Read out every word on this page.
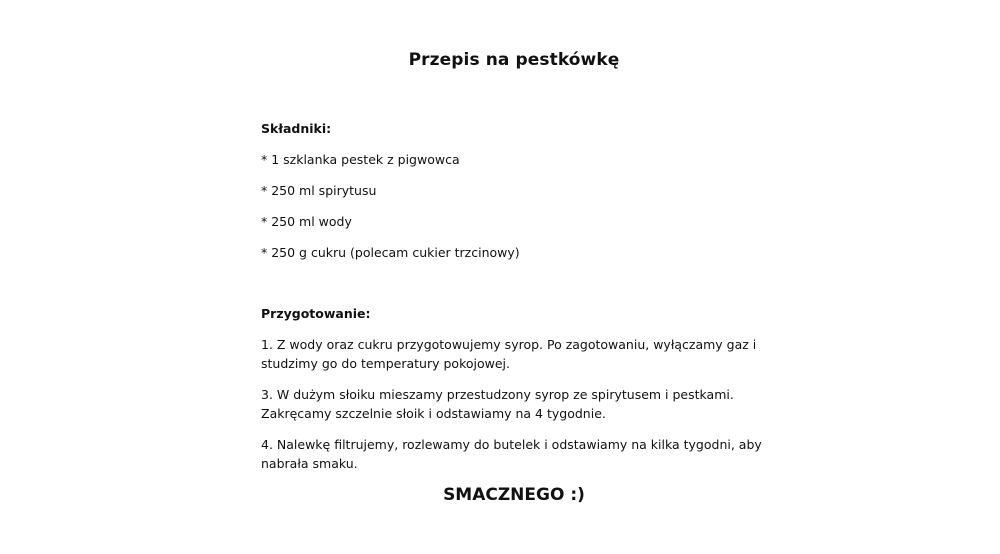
Przepis na pestkówkę

Składniki:

* 1 szklanka pestek z pigwowca
* 250 ml spirytusu
* 250 ml wody
* 250 g cukru (polecam cukier trzcinowy)

Przygotowanie:

1. Z wody oraz cukru przygotowujemy syrop. Po zagotowaniu, wyłączamy gaz i studzimy go do temperatury pokojowej.
3. W dużym słoiku mieszamy przestudzony syrop ze spirytusem i pestkami. Zakręcamy szczelnie słoik i odstawiamy na 4 tygodnie.
4. Nalewkę filtrujemy, rozlewamy do butelek i odstawiamy na kilka tygodni, aby nabrała smaku.

SMACZNEGO :)
